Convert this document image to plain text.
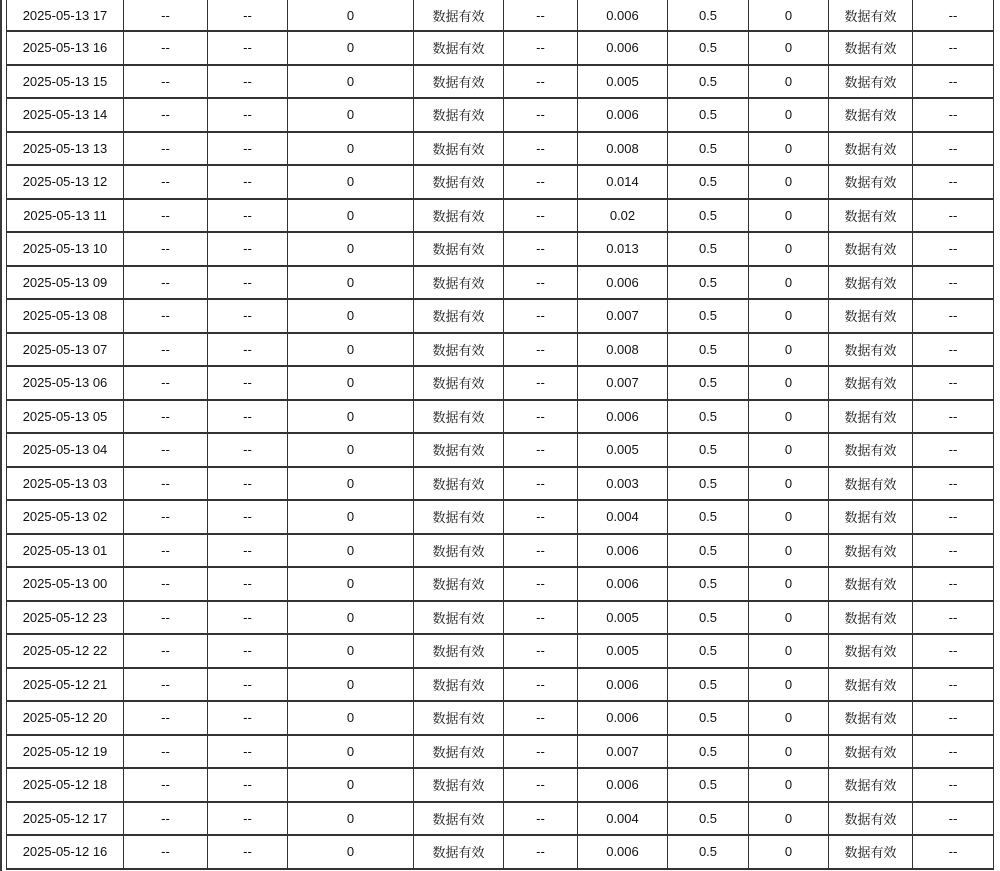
2025-05-13 17	--	--	0	数据有效	--	0.006	0.5	0	数据有效	--
2025-05-13 16	--	--	0	数据有效	--	0.006	0.5	0	数据有效	--
2025-05-13 15	--	--	0	数据有效	--	0.005	0.5	0	数据有效	--
2025-05-13 14	--	--	0	数据有效	--	0.006	0.5	0	数据有效	--
2025-05-13 13	--	--	0	数据有效	--	0.008	0.5	0	数据有效	--
2025-05-13 12	--	--	0	数据有效	--	0.014	0.5	0	数据有效	--
2025-05-13 11	--	--	0	数据有效	--	0.02	0.5	0	数据有效	--
2025-05-13 10	--	--	0	数据有效	--	0.013	0.5	0	数据有效	--
2025-05-13 09	--	--	0	数据有效	--	0.006	0.5	0	数据有效	--
2025-05-13 08	--	--	0	数据有效	--	0.007	0.5	0	数据有效	--
2025-05-13 07	--	--	0	数据有效	--	0.008	0.5	0	数据有效	--
2025-05-13 06	--	--	0	数据有效	--	0.007	0.5	0	数据有效	--
2025-05-13 05	--	--	0	数据有效	--	0.006	0.5	0	数据有效	--
2025-05-13 04	--	--	0	数据有效	--	0.005	0.5	0	数据有效	--
2025-05-13 03	--	--	0	数据有效	--	0.003	0.5	0	数据有效	--
2025-05-13 02	--	--	0	数据有效	--	0.004	0.5	0	数据有效	--
2025-05-13 01	--	--	0	数据有效	--	0.006	0.5	0	数据有效	--
2025-05-13 00	--	--	0	数据有效	--	0.006	0.5	0	数据有效	--
2025-05-12 23	--	--	0	数据有效	--	0.005	0.5	0	数据有效	--
2025-05-12 22	--	--	0	数据有效	--	0.005	0.5	0	数据有效	--
2025-05-12 21	--	--	0	数据有效	--	0.006	0.5	0	数据有效	--
2025-05-12 20	--	--	0	数据有效	--	0.006	0.5	0	数据有效	--
2025-05-12 19	--	--	0	数据有效	--	0.007	0.5	0	数据有效	--
2025-05-12 18	--	--	0	数据有效	--	0.006	0.5	0	数据有效	--
2025-05-12 17	--	--	0	数据有效	--	0.004	0.5	0	数据有效	--
2025-05-12 16	--	--	0	数据有效	--	0.006	0.5	0	数据有效	--
